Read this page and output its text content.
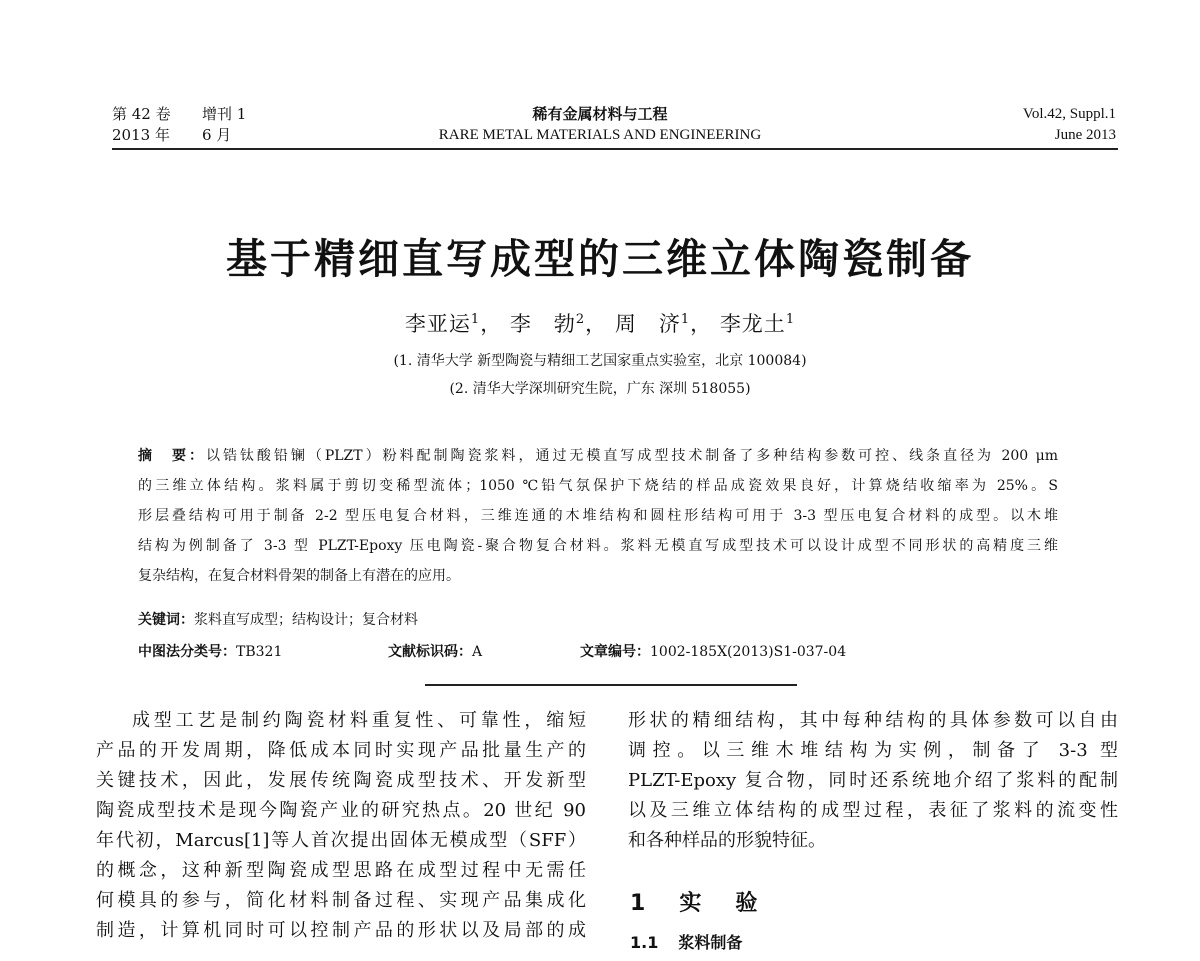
第 42 卷 增刊 1
2013 年 6 月
稀有金属材料与工程
RARE METAL MATERIALS AND ENGINEERING
Vol.42, Suppl.1
June 2013
基于精细直写成型的三维立体陶瓷制备
李亚运$^1$， 李　勃$^2$， 周　济$^1$， 李龙土$^1$
(1. 清华大学 新型陶瓷与精细工艺国家重点实验室，北京 100084)
(2. 清华大学深圳研究生院，广东 深圳 518055)

摘　要：以锆钛酸铅镧（PLZT）粉料配制陶瓷浆料，通过无模直写成型技术制备了多种结构参数可控、线条直径为 200 μm

的三维立体结构。浆料属于剪切变稀型流体；1050 ℃铅气氛保护下烧结的样品成瓷效果良好，计算烧结收缩率为 25%。S

形层叠结构可用于制备 2-2 型压电复合材料，三维连通的木堆结构和圆柱形结构可用于 3-3 型压电复合材料的成型。以木堆

结构为例制备了 3-3 型 PLZT-Epoxy 压电陶瓷-聚合物复合材料。浆料无模直写成型技术可以设计成型不同形状的高精度三维

复杂结构，在复合材料骨架的制备上有潜在的应用。

关键词：浆料直写成型；结构设计；复合材料
中图法分类号：TB321	文献标识码：A	文章编号：1002-185X(2013)S1-037-04

成型工艺是制约陶瓷材料重复性、可靠性，缩短

产品的开发周期，降低成本同时实现产品批量生产的

关键技术，因此，发展传统陶瓷成型技术、开发新型

陶瓷成型技术是现今陶瓷产业的研究热点。20 世纪 90

年代初，Marcus[1]等人首次提出固体无模成型（SFF）

的概念，这种新型陶瓷成型思路在成型过程中无需任

何模具的参与，简化材料制备过程、实现产品集成化

制造，计算机同时可以控制产品的形状以及局部的成

形状的精细结构，其中每种结构的具体参数可以自由

调控。以三维木堆结构为实例，制备了 3-3 型

PLZT-Epoxy 复合物，同时还系统地介绍了浆料的配制

以及三维立体结构的成型过程，表征了浆料的流变性

和各种样品的形貌特征。

1　 实　验
1.1 浆料制备
